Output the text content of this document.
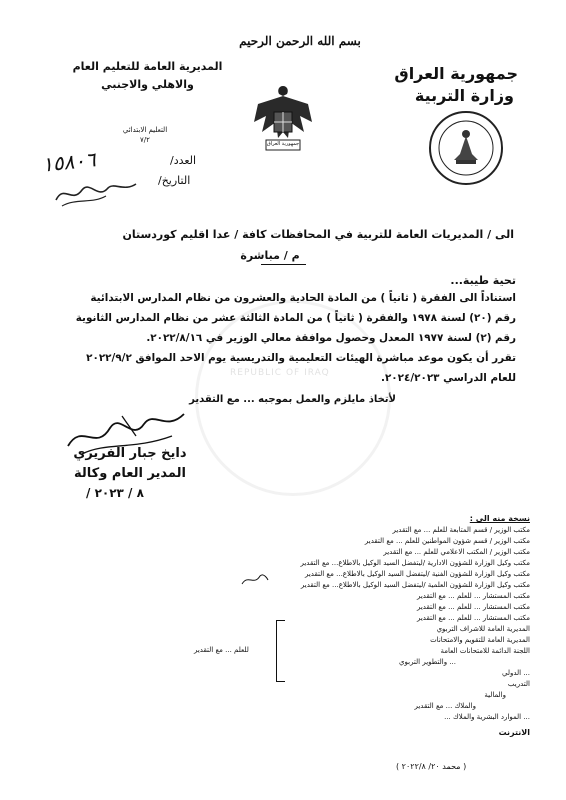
REPUBLIC OF IRAQ
بسم الله الرحمن الرحيم
جمهورية العراق
وزارة التربية
المديرية العامة للتعليم العام
والاهلي والاجنبي
التعليم الابتدائي
٧/٢	جمهورية العراق
العدد/
التاريخ/
١٥٨٠٦
الى / المديريات العامة للتربية في المحافظات كافة / عدا اقليم كوردستان
م / مباشرة
تحية طيبة...
استناداً الى الفقرة ( ثانياً ) من المادة الحادية والعشرون من نظام المدارس الابتدائية
رقم (٢٠) لسنة ١٩٧٨ والفقرة ( ثانياً ) من المادة الثالثة عشر من نظام المدارس الثانوية
رقم (٢) لسنة ١٩٧٧ المعدل وحصول موافقة معالي الوزير في ٢٠٢٢/٨/١٦.
تقرر أن يكون موعد مباشرة الهيئات التعليمية والتدريسية يوم الاحد الموافق ٢٠٢٢/٩/٢
للعام الدراسي ٢٠٢٤/٢٠٢٣.
لأتخاذ مايلزم والعمل بموجبه ... مع التقدير
دايخ جبار الفريري
المدير العام وكالة
/ ٨ / ٢٠٢٣
نسخة منه الى :
مكتب الوزير / قسم المتابعة للعلم ... مع التقدير
مكتب الوزير / قسم شؤون المواطنين للعلم ... مع التقدير
مكتب الوزير / المكتب الاعلامي للعلم ... مع التقدير
مكتب وكيل الوزارة للشؤون الادارية /ليتفضل السيد الوكيل بالاطلاع... مع التقدير
مكتب وكيل الوزارة للشؤون الفنية /ليتفضل السيد الوكيل بالاطلاع... مع التقدير
مكتب وكيل الوزارة للشؤون العلمية /ليتفضل السيد الوكيل بالاطلاع... مع التقدير
مكتب المستشار ... للعلم ... مع التقدير
مكتب المستشار ... للعلم ... مع التقدير
مكتب المستشار ... للعلم ... مع التقدير
المديرية العامة للاشراف التربوي
المديرية العامة للتقويم والامتحانات
اللجنة الدائمة للامتحانات العامة
... والتطوير التربوي
... الدولي
التدريب
والمالية
والملاك ... مع التقدير
... الموارد البشرية والملاك ...
الانترنت
للعلم ... مع التقدير
( محمد ٢٠/ ٢٠٢٢/٨ )
